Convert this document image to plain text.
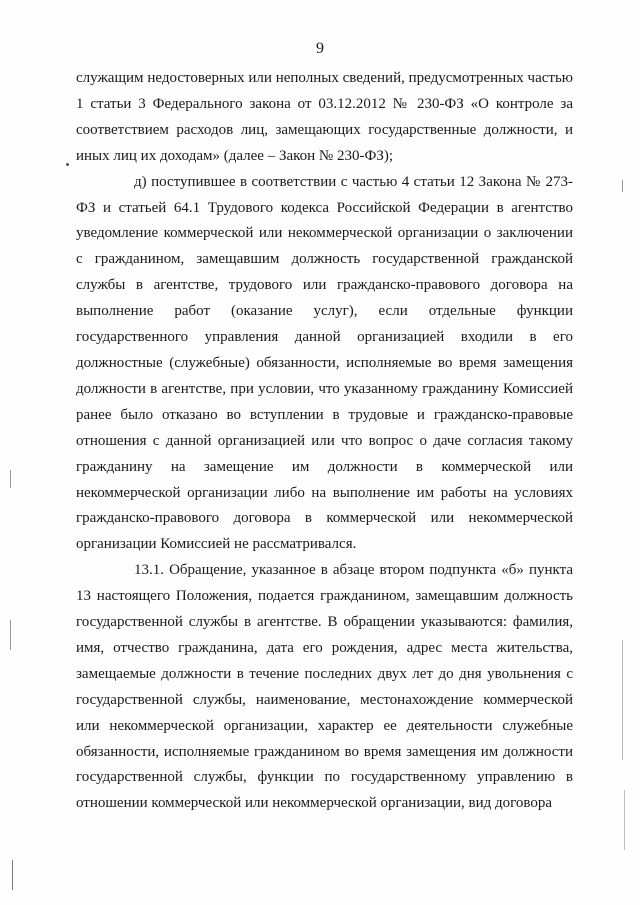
9

служащим недостоверных или неполных сведений, предусмотренных частью 1 статьи 3 Федерального закона от 03.12.2012 № 230-ФЗ «О контроле за соответствием расходов лиц, замещающих государственные должности, и иных лиц их доходам» (далее – Закон № 230-ФЗ);

д) поступившее в соответствии с частью 4 статьи 12 Закона № 273-ФЗ и статьей 64.1 Трудового кодекса Российской Федерации в агентство уведомление коммерческой или некоммерческой организации о заключении с гражданином, замещавшим должность государственной гражданской службы в агентстве, трудового или гражданско-правового договора на выполнение работ (оказание услуг), если отдельные функции государственного управления данной организацией входили в его должностные (служебные) обязанности, исполняемые во время замещения должности в агентстве, при условии, что указанному гражданину Комиссией ранее было отказано во вступлении в трудовые и гражданско-правовые отношения с данной организацией или что вопрос о даче согласия такому гражданину на замещение им должности в коммерческой или некоммерческой организации либо на выполнение им работы на условиях гражданско-правового договора в коммерческой или некоммерческой организации Комиссией не рассматривался.

13.1. Обращение, указанное в абзаце втором подпункта «б» пункта 13 настоящего Положения, подается гражданином, замещавшим должность государственной службы в агентстве. В обращении указываются: фамилия, имя, отчество гражданина, дата его рождения, адрес места жительства, замещаемые должности в течение последних двух лет до дня увольнения с государственной службы, наименование, местонахождение коммерческой или некоммерческой организации, характер ее деятельности служебные обязанности, исполняемые гражданином во время замещения им должности государственной службы, функции по государственному управлению в отношении коммерческой или некоммерческой организации, вид договора
